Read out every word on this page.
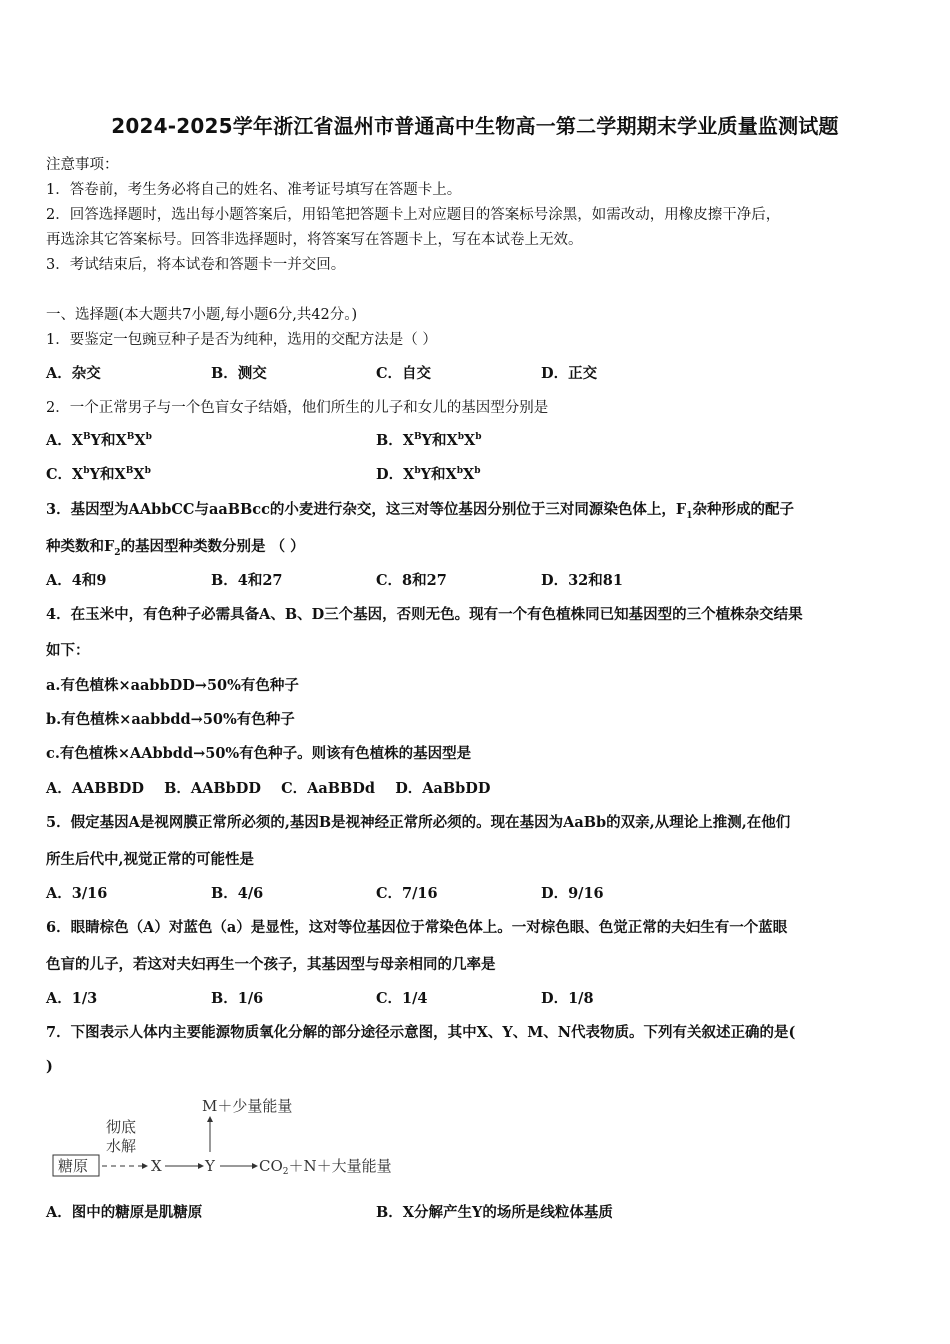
2024-2025学年浙江省温州市普通高中生物高一第二学期期末学业质量监测试题
注意事项：
1．答卷前，考生务必将自己的姓名、准考证号填写在答题卡上。
2．回答选择题时，选出每小题答案后，用铅笔把答题卡上对应题目的答案标号涂黑，如需改动，用橡皮擦干净后，
再选涂其它答案标号。回答非选择题时，将答案写在答题卡上，写在本试卷上无效。
3．考试结束后，将本试卷和答题卡一并交回。
一、选择题(本大题共7小题,每小题6分,共42分。)
1．要鉴定一包豌豆种子是否为纯种，选用的交配方法是（ ）
A．杂交	B．测交	C．自交	D．正交
2．一个正常男子与一个色盲女子结婚，他们所生的儿子和女儿的基因型分别是
A．$X^BY$和$X^BX^b$	B．$X^BY$和$X^bX^b$
C．$X^bY$和$X^BX^b$	D．$X^bY$和$X^bX^b$
3．基因型为AAbbCC与aaBBcc的小麦进行杂交，这三对等位基因分别位于三对同源染色体上，$F_1$杂种形成的配子
种类数和$F_2$的基因型种类数分别是 （ ）
A．4和9	B．4和27	C．8和27	D．32和81
4．在玉米中，有色种子必需具备A、B、D三个基因，否则无色。现有一个有色植株同已知基因型的三个植株杂交结果
如下：
a.有色植株×aabbDD→50%有色种子
b.有色植株×aabbdd→50%有色种子
c.有色植株×AAbbdd→50%有色种子。则该有色植株的基因型是
A．AABBDD    B．AABbDD    C．AaBBDd    D．AaBbDD
5．假定基因A是视网膜正常所必须的,基因B是视神经正常所必须的。现在基因为AaBb的双亲,从理论上推测,在他们
所生后代中,视觉正常的可能性是
A．3/16	B．4/6	C．7/16	D．9/16
6．眼睛棕色（A）对蓝色（a）是显性，这对等位基因位于常染色体上。一对棕色眼、色觉正常的夫妇生有一个蓝眼
色盲的儿子，若这对夫妇再生一个孩子，其基因型与母亲相同的几率是
A．1/3	B．1/6	C．1/4	D．1/8
7．下图表示人体内主要能源物质氧化分解的部分途径示意图，其中X、Y、M、N代表物质。下列有关叙述正确的是(
)
M＋少量能量
彻底
水解
糖原	X	Y	$CO_2+N+$大量能量
A．图中的糖原是肌糖原	B．X分解产生Y的场所是线粒体基质
